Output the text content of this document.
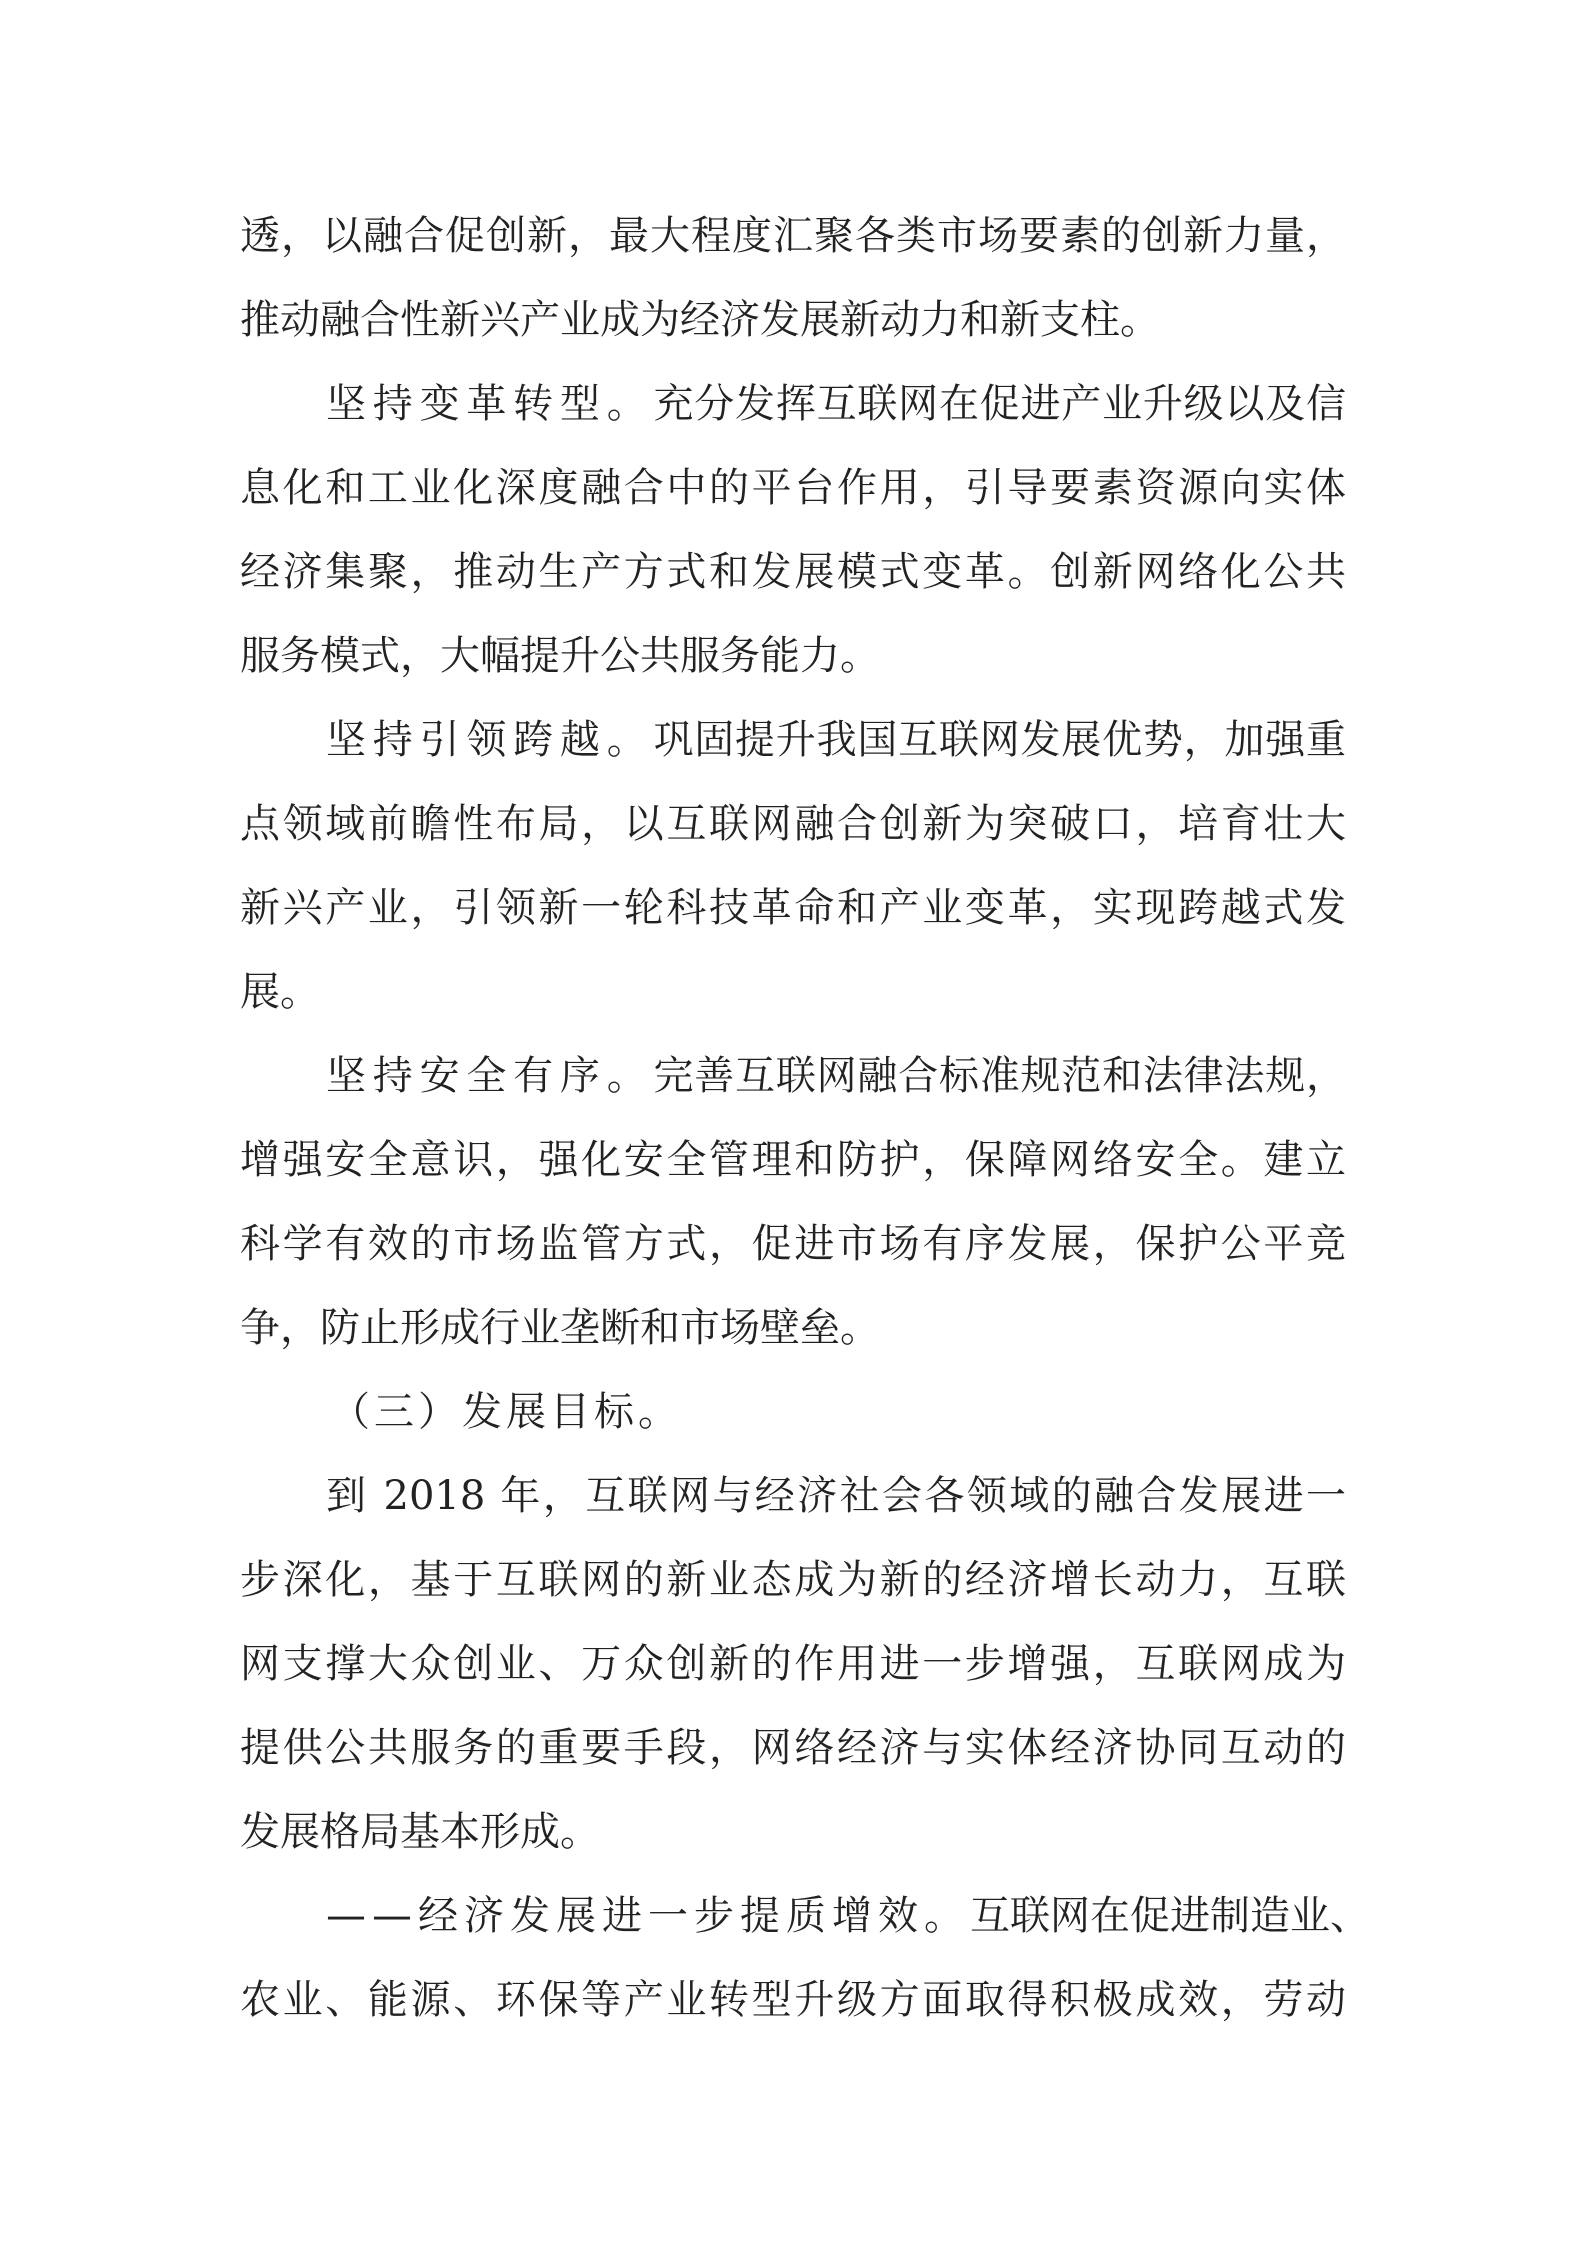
透，以融合促创新，最大程度汇聚各类市场要素的创新力量，
推动融合性新兴产业成为经济发展新动力和新支柱。
坚持变革转型。充分发挥互联网在促进产业升级以及信
息化和工业化深度融合中的平台作用，引导要素资源向实体
经济集聚，推动生产方式和发展模式变革。创新网络化公共
服务模式，大幅提升公共服务能力。
坚持引领跨越。巩固提升我国互联网发展优势，加强重
点领域前瞻性布局，以互联网融合创新为突破口，培育壮大
新兴产业，引领新一轮科技革命和产业变革，实现跨越式发
展。
坚持安全有序。完善互联网融合标准规范和法律法规，
增强安全意识，强化安全管理和防护，保障网络安全。建立
科学有效的市场监管方式，促进市场有序发展，保护公平竞
争，防止形成行业垄断和市场壁垒。
（三）发展目标。
到 2018 年，互联网与经济社会各领域的融合发展进一
步深化，基于互联网的新业态成为新的经济增长动力，互联
网支撑大众创业、万众创新的作用进一步增强，互联网成为
提供公共服务的重要手段，网络经济与实体经济协同互动的
发展格局基本形成。
——经济发展进一步提质增效。互联网在促进制造业、
农业、能源、环保等产业转型升级方面取得积极成效，劳动
